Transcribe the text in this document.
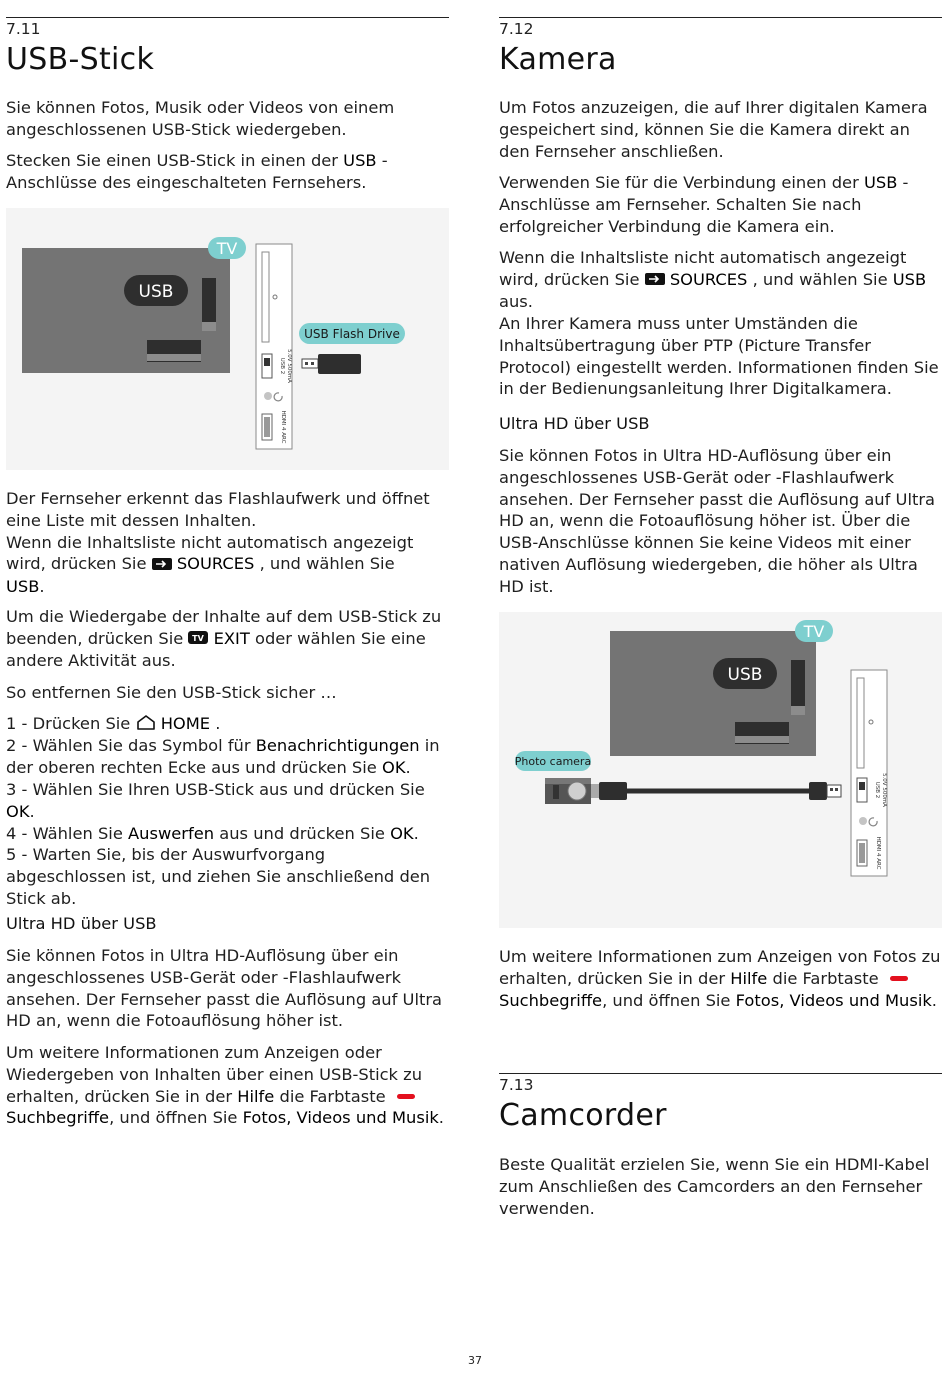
7.11
USB-Stick

Sie können Fotos, Musik oder Videos von einem angeschlossenen USB-Stick wiedergeben.

Stecken Sie einen USB-Stick in einen der USB -Anschlüsse des eingeschalteten Fernsehers.

USB
TV
USB 2 5.0V 500mA
HDMI 4 ARC
USB Flash Drive

Der Fernseher erkennt das Flashlaufwerk und öffnet eine Liste mit dessen Inhalten.
Wenn die Inhaltsliste nicht automatisch angezeigt wird, drücken Sie  SOURCES , und wählen Sie
USB.

Um die Wiedergabe der Inhalte auf dem USB-Stick zu beenden, drücken Sie TV EXIT oder wählen Sie eine andere Aktivität aus.

So entfernen Sie den USB-Stick sicher …

1 - Drücken Sie  HOME .
2 - Wählen Sie das Symbol für Benachrichtigungen in der oberen rechten Ecke aus und drücken Sie OK.
3 - Wählen Sie Ihren USB-Stick aus und drücken Sie OK.
4 - Wählen Sie Auswerfen aus und drücken Sie OK.
5 - Warten Sie, bis der Auswurfvorgang abgeschlossen ist, und ziehen Sie anschließend den Stick ab.
Ultra HD über USB

Sie können Fotos in Ultra HD-Auflösung über ein angeschlossenes USB-Gerät oder -Flashlaufwerk ansehen. Der Fernseher passt die Auflösung auf Ultra HD an, wenn die Fotoauflösung höher ist.

Um weitere Informationen zum Anzeigen oder Wiedergeben von Inhalten über einen USB-Stick zu erhalten, drücken Sie in der Hilfe die Farbtaste  Suchbegriffe, und öffnen Sie Fotos, Videos und Musik.

7.12
Kamera

Um Fotos anzuzeigen, die auf Ihrer digitalen Kamera gespeichert sind, können Sie die Kamera direkt an den Fernseher anschließen.

Verwenden Sie für die Verbindung einen der USB -Anschlüsse am Fernseher. Schalten Sie nach erfolgreicher Verbindung die Kamera ein.

Wenn die Inhaltsliste nicht automatisch angezeigt wird, drücken Sie  SOURCES , und wählen Sie USB aus.
An Ihrer Kamera muss unter Umständen die Inhaltsübertragung über PTP (Picture Transfer Protocol) eingestellt werden. Informationen finden Sie in der Bedienungsanleitung Ihrer Digitalkamera.

Ultra HD über USB

Sie können Fotos in Ultra HD-Auflösung über ein angeschlossenes USB-Gerät oder -Flashlaufwerk ansehen. Der Fernseher passt die Auflösung auf Ultra HD an, wenn die Fotoauflösung höher ist. Über die USB-Anschlüsse können Sie keine Videos mit einer nativen Auflösung wiedergeben, die höher als Ultra HD ist.

USB
TV
USB 2 5.0V 500mA
HDMI 4 ARC
Photo camera

Um weitere Informationen zum Anzeigen von Fotos zu erhalten, drücken Sie in der Hilfe die Farbtaste  Suchbegriffe, und öffnen Sie Fotos, Videos und Musik.

7.13
Camcorder

Beste Qualität erzielen Sie, wenn Sie ein HDMI-Kabel zum Anschließen des Camcorders an den Fernseher verwenden.

37
